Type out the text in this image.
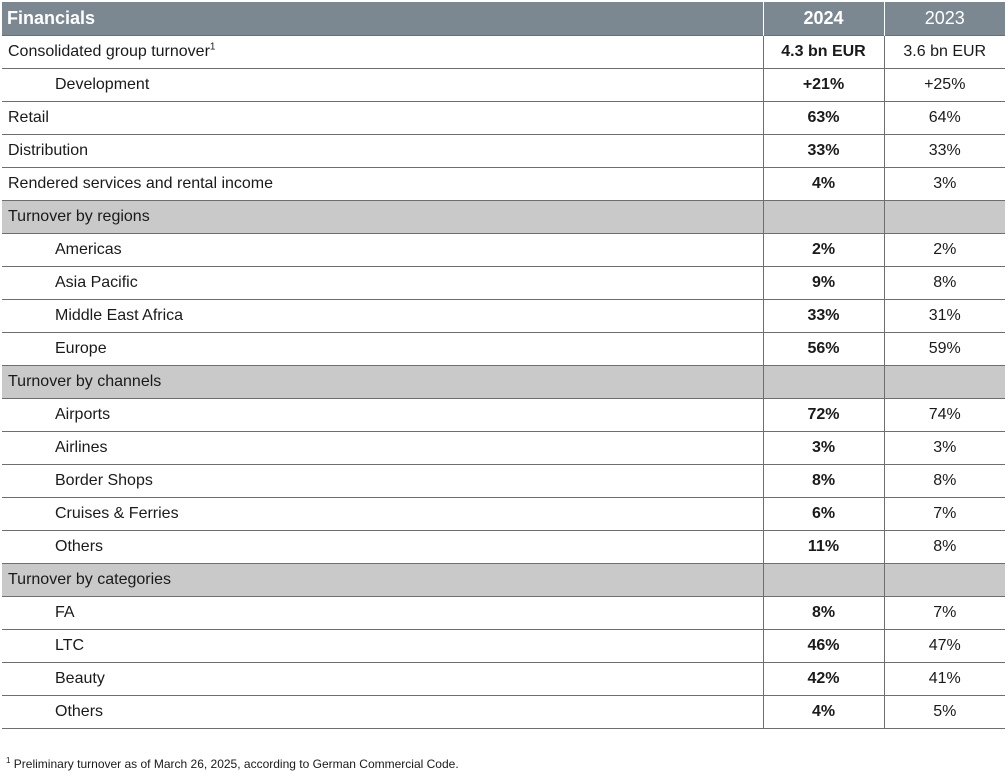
Financials	2024	2023
Consolidated group turnover$^1$	4.3 bn EUR	3.6 bn EUR
Development	+21%	+25%
Retail	63%	64%
Distribution	33%	33%
Rendered services and rental income	4%	3%
Turnover by regions		
Americas	2%	2%
Asia Pacific	9%	8%
Middle East Africa	33%	31%
Europe	56%	59%
Turnover by channels		
Airports	72%	74%
Airlines	3%	3%
Border Shops	8%	8%
Cruises & Ferries	6%	7%
Others	11%	8%
Turnover by categories		
FA	8%	7%
LTC	46%	47%
Beauty	42%	41%
Others	4%	5%
$^1$ Preliminary turnover as of March 26, 2025, according to German Commercial Code.
